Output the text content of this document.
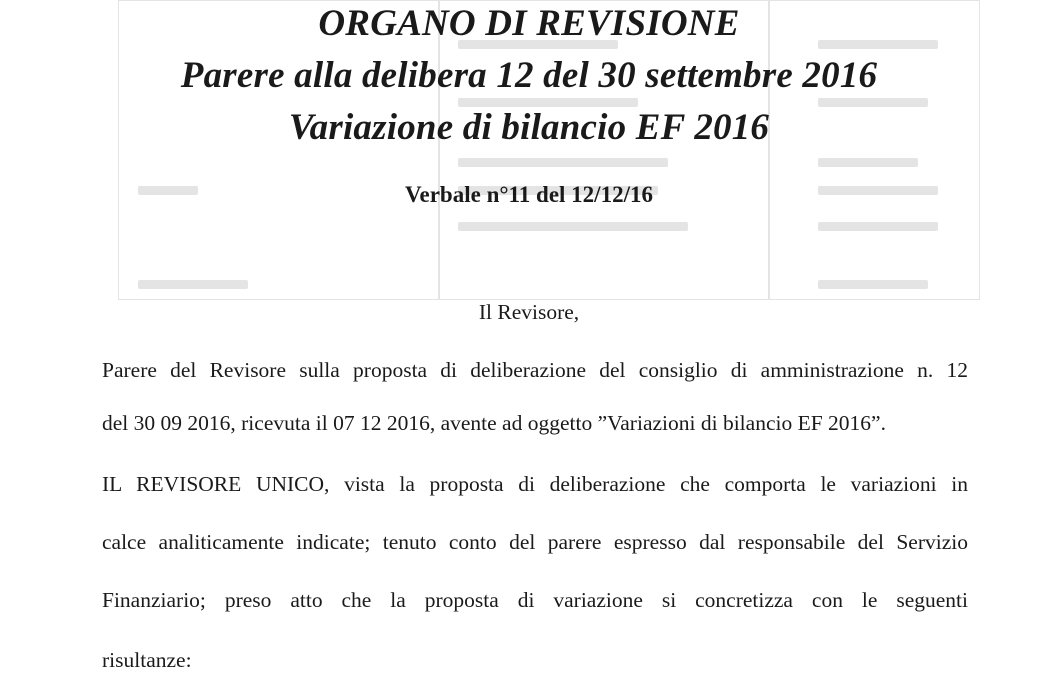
ORGANO DI REVISIONE
Parere alla delibera 12 del 30 settembre 2016
Variazione di bilancio EF 2016
Verbale n°11 del 12/12/16
Il Revisore,
Parere del Revisore sulla proposta di deliberazione del consiglio di amministrazione n. 12
del 30 09 2016, ricevuta il 07 12 2016, avente ad oggetto ”Variazioni di bilancio EF 2016”.
IL REVISORE UNICO, vista la proposta di deliberazione che comporta le variazioni in
calce analiticamente indicate; tenuto conto del parere espresso dal responsabile del Servizio
Finanziario; preso atto che la proposta di variazione si concretizza con le seguenti
risultanze:
